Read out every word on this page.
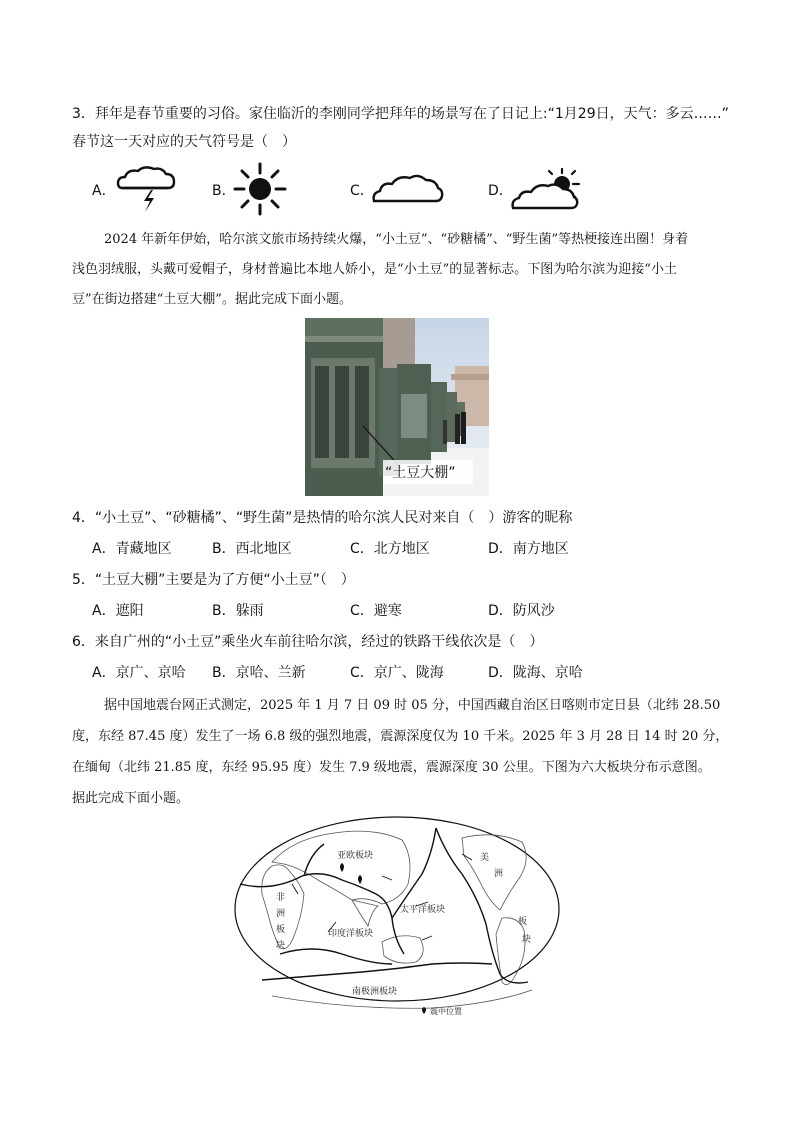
3．拜年是春节重要的习俗。家住临沂的李刚同学把拜年的场景写在了日记上:“1月29日，天气：多云……”
春节这一天对应的天气符号是（　）
A．	B．	C．	D．
2024 年新年伊始，哈尔滨文旅市场持续火爆，“小土豆”、“砂糖橘”、“野生菌”等热梗接连出圈！身着
浅色羽绒服，头戴可爱帽子，身材普遍比本地人娇小，是“小土豆”的显著标志。下图为哈尔滨为迎接“小土
豆”在街边搭建“土豆大棚”。据此完成下面小题。
“土豆大棚”
4．“小土豆”、“砂糖橘”、“野生菌”是热情的哈尔滨人民对来自（　）游客的昵称
A．青藏地区	B．西北地区	C．北方地区	D．南方地区
5．“土豆大棚”主要是为了方便“小土豆”（　）
A．遮阳	B．躲雨	C．避寒	D．防风沙
6．来自广州的“小土豆”乘坐火车前往哈尔滨，经过的铁路干线依次是（　）
A．京广、京哈 B．京哈、兰新	C．京广、陇海	D．陇海、京哈
据中国地震台网正式测定，2025 年 1 月 7 日 09 时 05 分，中国西藏自治区日喀则市定日县（北纬 28.50
度，东经 87.45 度）发生了一场 6.8 级的强烈地震，震源深度仅为 10 千米。2025 年 3 月 28 日 14 时 20 分，
在缅甸（北纬 21.85 度，东经 95.95 度）发生 7.9 级地震，震源深度 30 公里。下图为六大板块分布示意图。
据此完成下面小题。
亚欧板块
太平洋板块
非
洲
板
块
印度洋板块
美
洲
板
块
南极洲板块
震中位置
